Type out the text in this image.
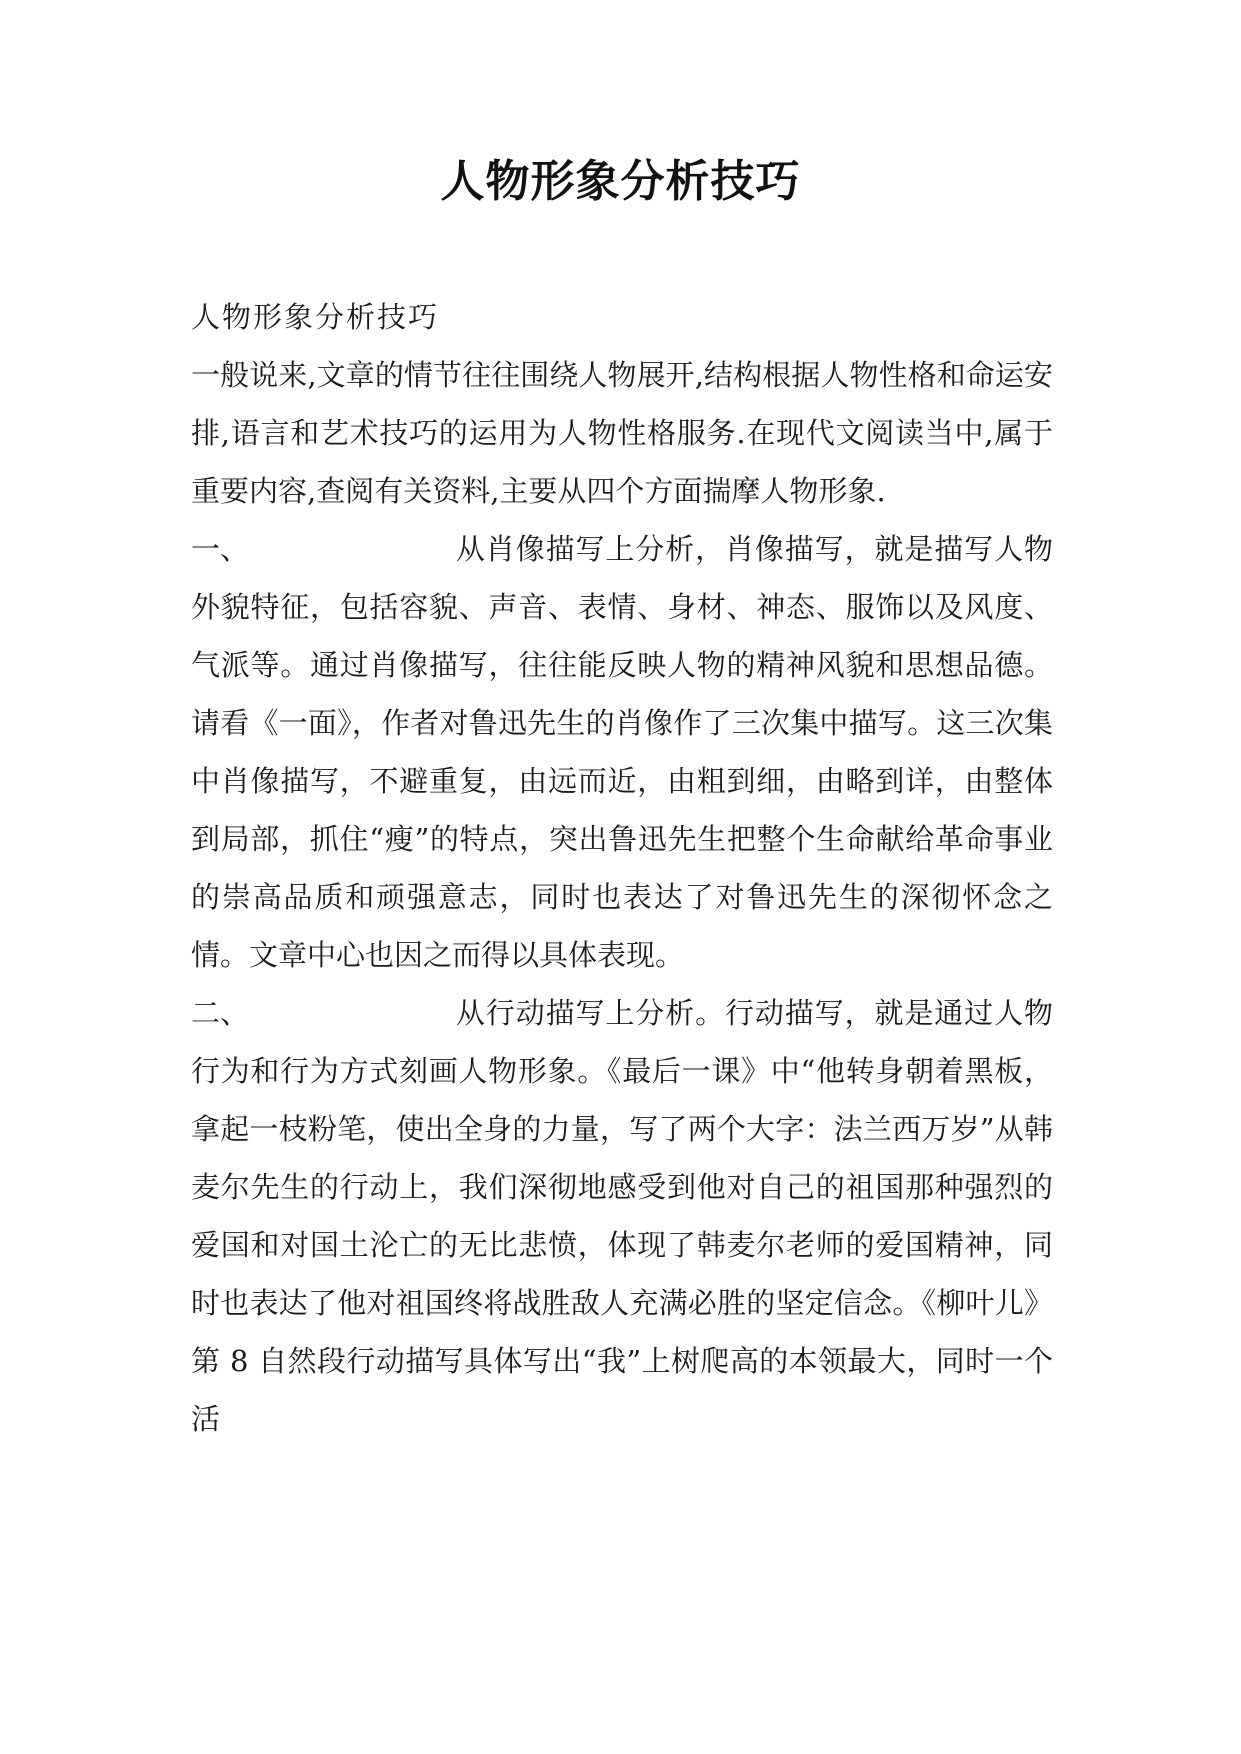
人物形象分析技巧

人物形象分析技巧

一般说来,文章的情节往往围绕人物展开,结构根据人物性格和命运安排,语言和艺术技巧的运用为人物性格服务.在现代文阅读当中,属于重要内容,查阅有关资料,主要从四个方面揣摩人物形象.

一、	从肖像描写上分析，肖像描写，就是描写人物外貌特征，包括容貌、声音、表情、身材、神态、服饰以及风度、气派等。通过肖像描写，往往能反映人物的精神风貌和思想品德。请看《一面》，作者对鲁迅先生的肖像作了三次集中描写。这三次集中肖像描写，不避重复，由远而近，由粗到细，由略到详，由整体到局部，抓住“瘦”的特点，突出鲁迅先生把整个生命献给革命事业的崇高品质和顽强意志，同时也表达了对鲁迅先生的深彻怀念之情。文章中心也因之而得以具体表现。

二、	从行动描写上分析。行动描写，就是通过人物行为和行为方式刻画人物形象。《最后一课》中“他转身朝着黑板，拿起一枝粉笔，使出全身的力量，写了两个大字：法兰西万岁”从韩麦尔先生的行动上，我们深彻地感受到他对自己的祖国那种强烈的爱国和对国土沦亡的无比悲愤，体现了韩麦尔老师的爱国精神，同时也表达了他对祖国终将战胜敌人充满必胜的坚定信念。《柳叶儿》第 8 自然段行动描写具体写出“我”上树爬高的本领最大，同时一个活
